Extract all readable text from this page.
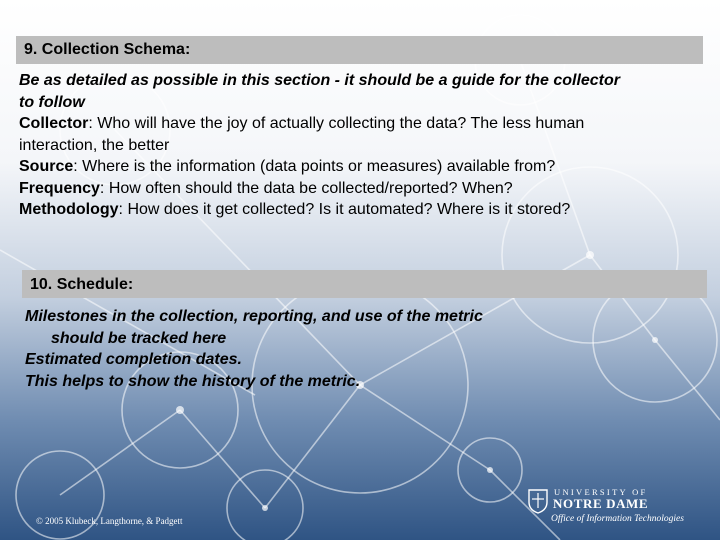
9. Collection Schema:
Be as detailed as possible in this section - it should be a guide for the collector
to follow
Collector: Who will have the joy of actually collecting the data? The less human
interaction, the better
Source: Where is the information (data points or measures) available from?
Frequency: How often should the data be collected/reported? When?
Methodology: How does it get collected? Is it automated? Where is it stored?
10. Schedule:
Milestones in the collection, reporting, and use of the metric
should be tracked here
Estimated completion dates.
This helps to show the history of the metric.
© 2005 Klubeck, Langthorne, & Padgett
UNIVERSITY OF
NOTRE DAME
Office of Information Technologies
